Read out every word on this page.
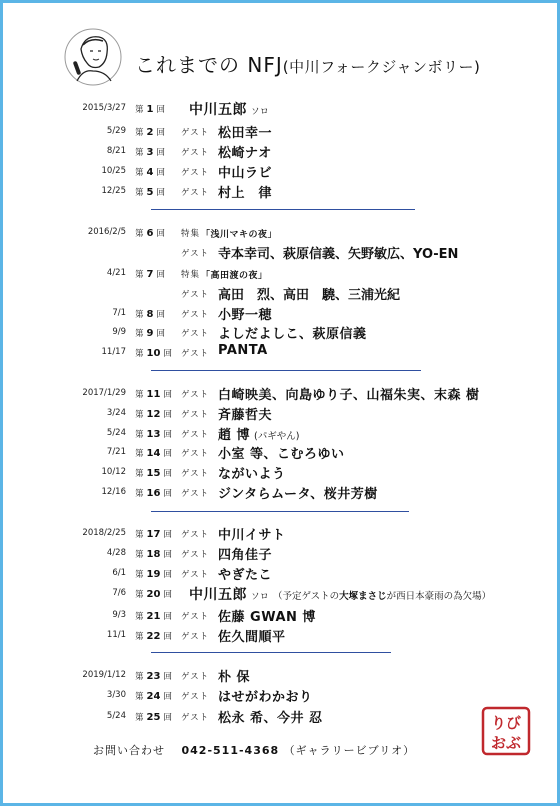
これまでの NFJ(中川フォークジャンボリー)
2015/3/27 第 1 回 中川五郎 ソロ
5/29 第 2 回 ゲスト 松田幸一
8/21 第 3 回 ゲスト 松崎ナオ
10/25 第 4 回 ゲスト 中山ラビ
12/25 第 5 回 ゲスト 村上　律
2016/2/5 第 6 回 特集 「浅川マキの夜」
ゲスト 寺本幸司、萩原信義、矢野敏広、YO-EN
4/21 第 7 回 特集 「高田渡の夜」
ゲスト 高田　烈、高田　驍、三浦光紀
7/1 第 8 回 ゲスト 小野一穂
9/9 第 9 回 ゲスト よしだよしこ、萩原信義
11/17 第 10 回 ゲスト PANTA
2017/1/29 第 11 回 ゲスト 白崎映美、向島ゆり子、山福朱実、末森 樹
3/24 第 12 回 ゲスト 斉藤哲夫
5/24 第 13 回 ゲスト 趙 博 (パギやん)
7/21 第 14 回 ゲスト 小室 等、こむろゆい
10/12 第 15 回 ゲスト ながいよう
12/16 第 16 回 ゲスト ジンタらムータ、桜井芳樹
2018/2/25 第 17 回 ゲスト 中川イサト
4/28 第 18 回 ゲスト 四角佳子
6/1 第 19 回 ゲスト やぎたこ
7/6 第 20 回 中川五郎 ソロ （予定ゲストの大塚まさじが西日本豪雨の為欠場）
9/3 第 21 回 ゲスト 佐藤 GWAN 博
11/1 第 22 回 ゲスト 佐久間順平
2019/1/12 第 23 回 ゲスト 朴 保
3/30 第 24 回 ゲスト はせがわかおり
5/24 第 25 回 ゲスト 松永 希、今井 忍
お問い合わせ 042-511-4368 （ギャラリービブリオ）
りび
おぶ
